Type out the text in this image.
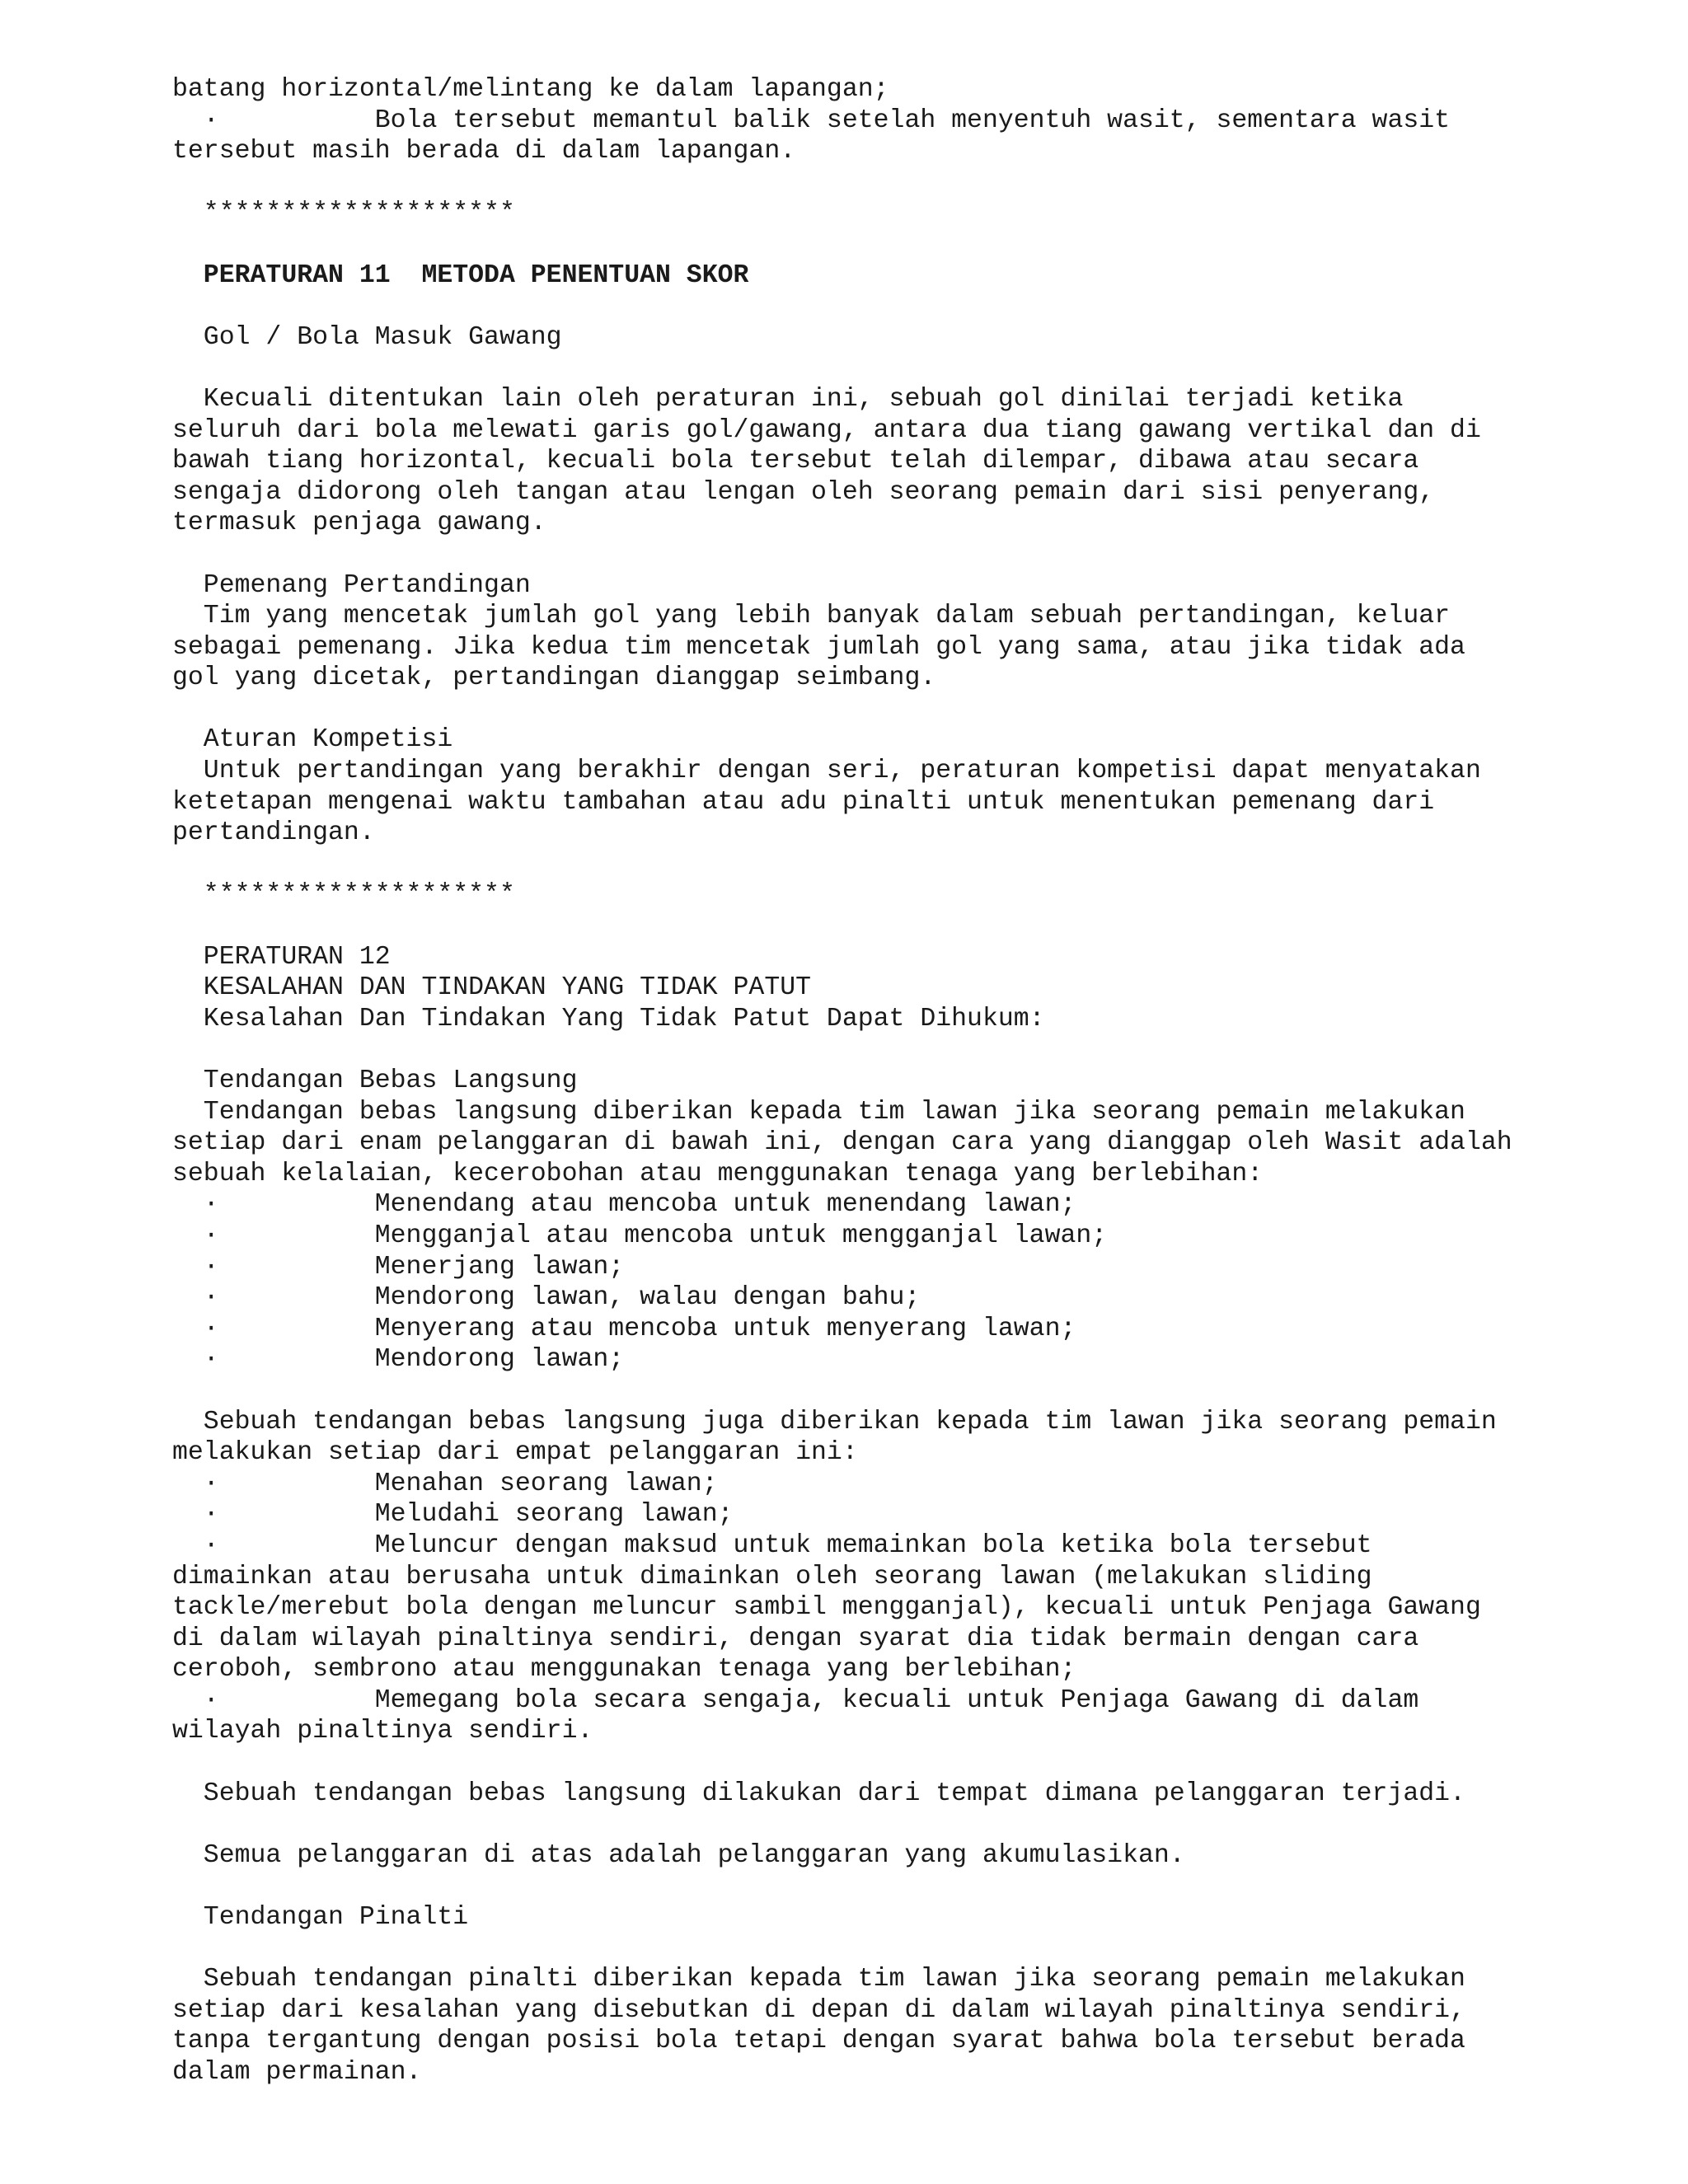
batang horizontal/melintang ke dalam lapangan;
·          Bola tersebut memantul balik setelah menyentuh wasit, sementara wasit
tersebut masih berada di dalam lapangan.
********************
PERATURAN 11  METODA PENENTUAN SKOR
Gol / Bola Masuk Gawang
Kecuali ditentukan lain oleh peraturan ini, sebuah gol dinilai terjadi ketika
seluruh dari bola melewati garis gol/gawang, antara dua tiang gawang vertikal dan di
bawah tiang horizontal, kecuali bola tersebut telah dilempar, dibawa atau secara
sengaja didorong oleh tangan atau lengan oleh seorang pemain dari sisi penyerang,
termasuk penjaga gawang.
Pemenang Pertandingan
Tim yang mencetak jumlah gol yang lebih banyak dalam sebuah pertandingan, keluar
sebagai pemenang. Jika kedua tim mencetak jumlah gol yang sama, atau jika tidak ada
gol yang dicetak, pertandingan dianggap seimbang.
Aturan Kompetisi
Untuk pertandingan yang berakhir dengan seri, peraturan kompetisi dapat menyatakan
ketetapan mengenai waktu tambahan atau adu pinalti untuk menentukan pemenang dari
pertandingan.
********************
PERATURAN 12
KESALAHAN DAN TINDAKAN YANG TIDAK PATUT
Kesalahan Dan Tindakan Yang Tidak Patut Dapat Dihukum:
Tendangan Bebas Langsung
Tendangan bebas langsung diberikan kepada tim lawan jika seorang pemain melakukan
setiap dari enam pelanggaran di bawah ini, dengan cara yang dianggap oleh Wasit adalah
sebuah kelalaian, kecerobohan atau menggunakan tenaga yang berlebihan:
·          Menendang atau mencoba untuk menendang lawan;
·          Mengganjal atau mencoba untuk mengganjal lawan;
·          Menerjang lawan;
·          Mendorong lawan, walau dengan bahu;
·          Menyerang atau mencoba untuk menyerang lawan;
·          Mendorong lawan;
Sebuah tendangan bebas langsung juga diberikan kepada tim lawan jika seorang pemain
melakukan setiap dari empat pelanggaran ini:
·          Menahan seorang lawan;
·          Meludahi seorang lawan;
·          Meluncur dengan maksud untuk memainkan bola ketika bola tersebut
dimainkan atau berusaha untuk dimainkan oleh seorang lawan (melakukan sliding
tackle/merebut bola dengan meluncur sambil mengganjal), kecuali untuk Penjaga Gawang
di dalam wilayah pinaltinya sendiri, dengan syarat dia tidak bermain dengan cara
ceroboh, sembrono atau menggunakan tenaga yang berlebihan;
·          Memegang bola secara sengaja, kecuali untuk Penjaga Gawang di dalam
wilayah pinaltinya sendiri.
Sebuah tendangan bebas langsung dilakukan dari tempat dimana pelanggaran terjadi.
Semua pelanggaran di atas adalah pelanggaran yang akumulasikan.
Tendangan Pinalti
Sebuah tendangan pinalti diberikan kepada tim lawan jika seorang pemain melakukan
setiap dari kesalahan yang disebutkan di depan di dalam wilayah pinaltinya sendiri,
tanpa tergantung dengan posisi bola tetapi dengan syarat bahwa bola tersebut berada
dalam permainan.
